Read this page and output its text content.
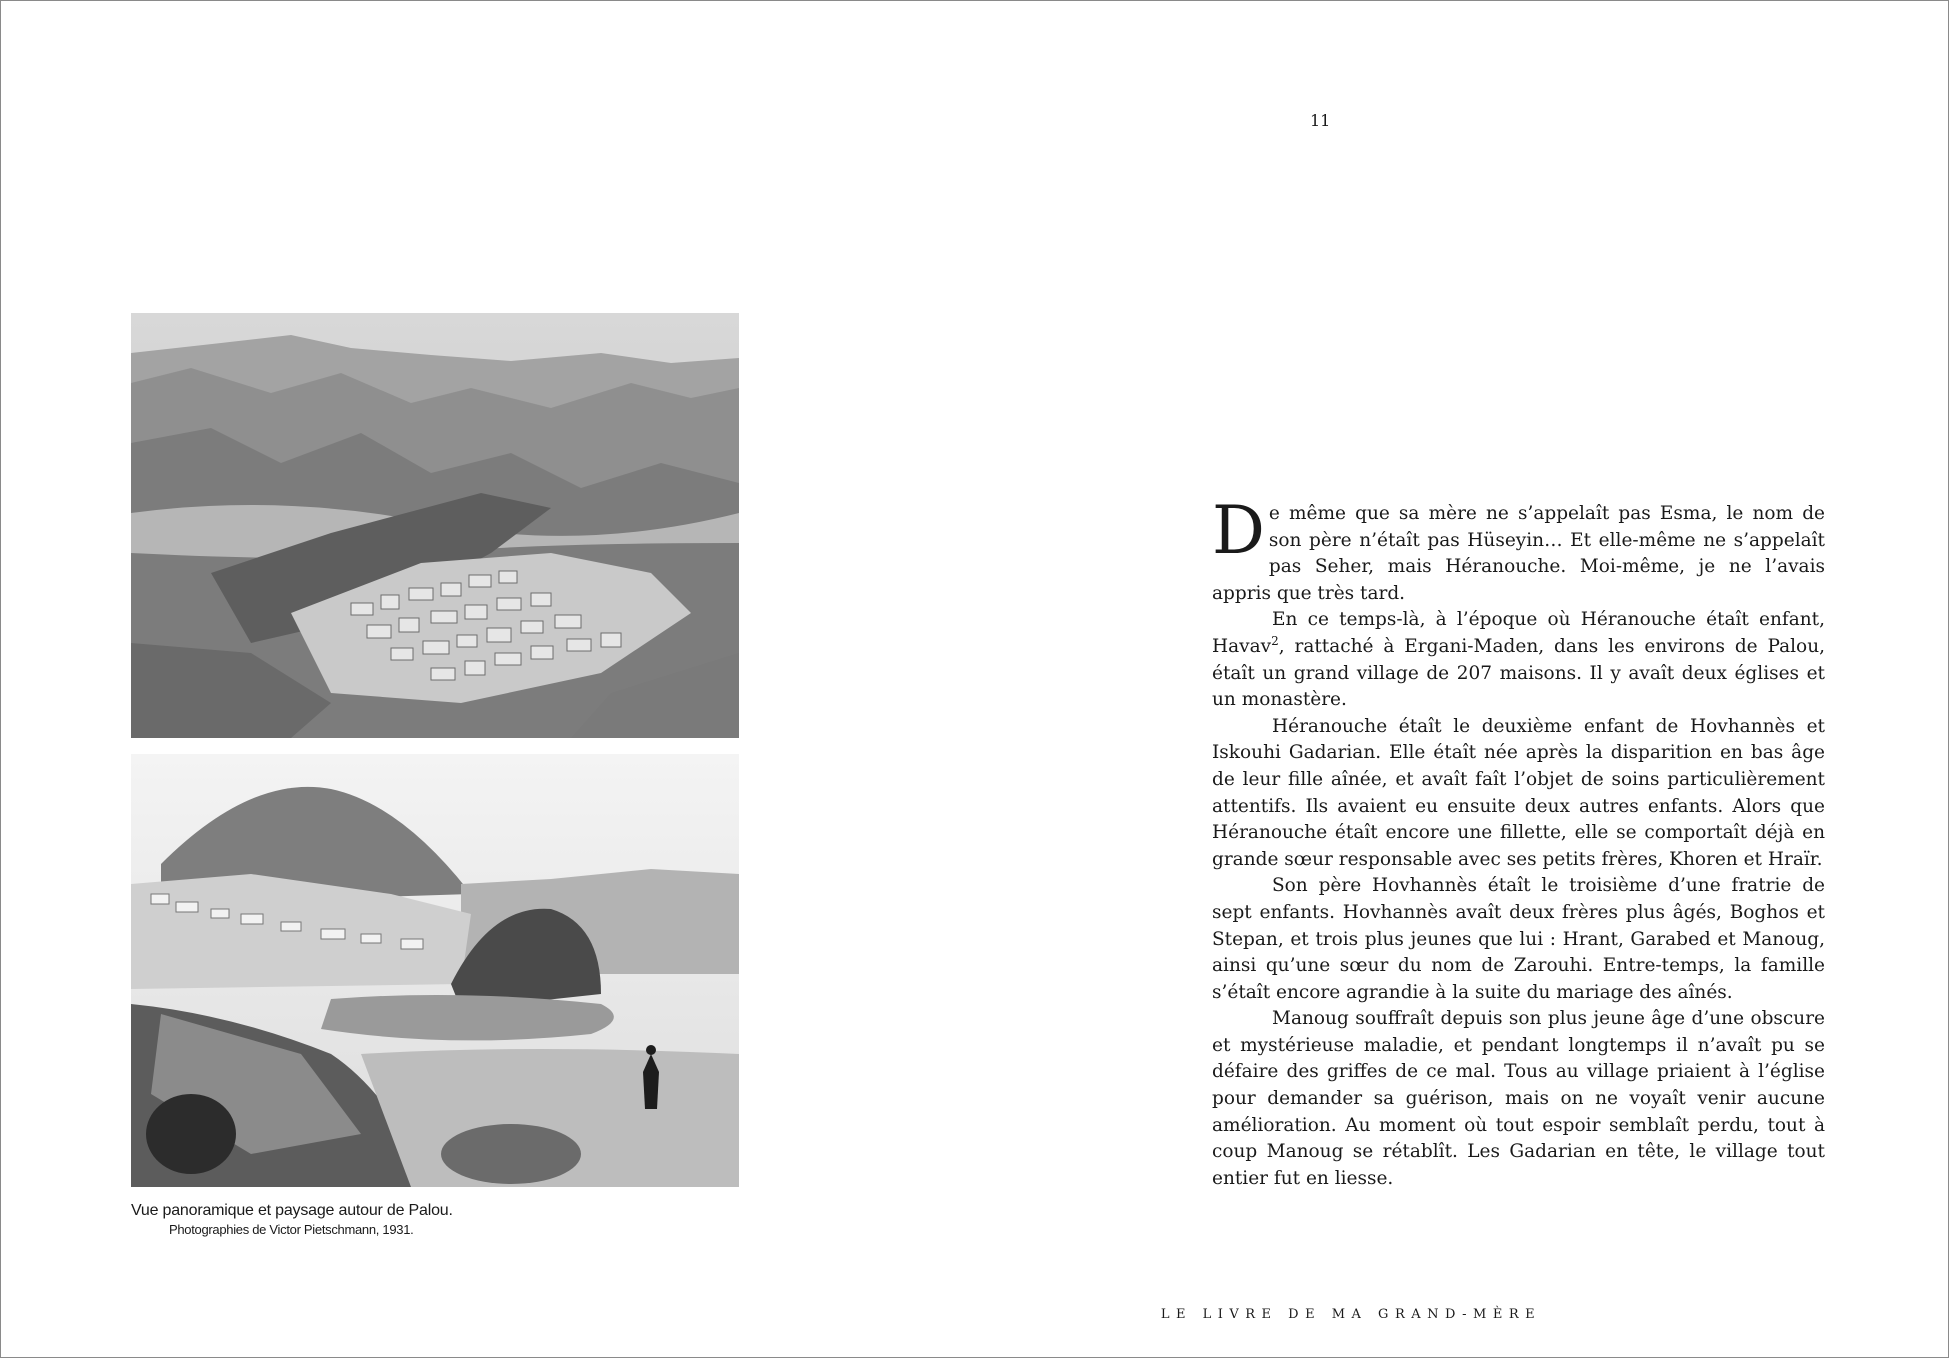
11
Vue panoramique et paysage autour de Palou.
Photographies de Victor Pietschmann, 1931.

De même que sa mère ne s’appelaît pas Esma, le nom de son père n’étaît pas Hüseyin… Et elle-même ne s’appelaît pas Seher, mais Héranouche. Moi-même, je ne l’avais appris que très tard.

En ce temps-là, à l’époque où Héranouche étaît enfant, Havav$^2$, rattaché à Ergani-Maden, dans les environs de Palou, étaît un grand village de 207 maisons. Il y avaît deux églises et un monastère.

Héranouche étaît le deuxième enfant de Hovhannès et Iskouhi Gadarian. Elle étaît née après la disparition en bas âge de leur fille aînée, et avaît faît l’objet de soins particulièrement attentifs. Ils avaient eu ensuite deux autres enfants. Alors que Héranouche étaît encore une fillette, elle se comportaît déjà en grande sœur responsable avec ses petits frères, Khoren et Hraïr.

Son père Hovhannès étaît le troisième d’une fratrie de sept enfants. Hovhannès avaît deux frères plus âgés, Boghos et Stepan, et trois plus jeunes que lui : Hrant, Garabed et Manoug, ainsi qu’une sœur du nom de Zarouhi. Entre-temps, la famille s’étaît encore agrandie à la suite du mariage des aînés.

Manoug souffraît depuis son plus jeune âge d’une obscure et mystérieuse maladie, et pendant longtemps il n’avaît pu se défaire des griffes de ce mal. Tous au village priaient à l’église pour demander sa guérison, mais on ne voyaît venir aucune amélioration. Au moment où tout espoir semblaît perdu, tout à coup Manoug se rétablît. Les Gadarian en tête, le village tout entier fut en liesse.

LE LIVRE DE MA GRAND-MÈRE
